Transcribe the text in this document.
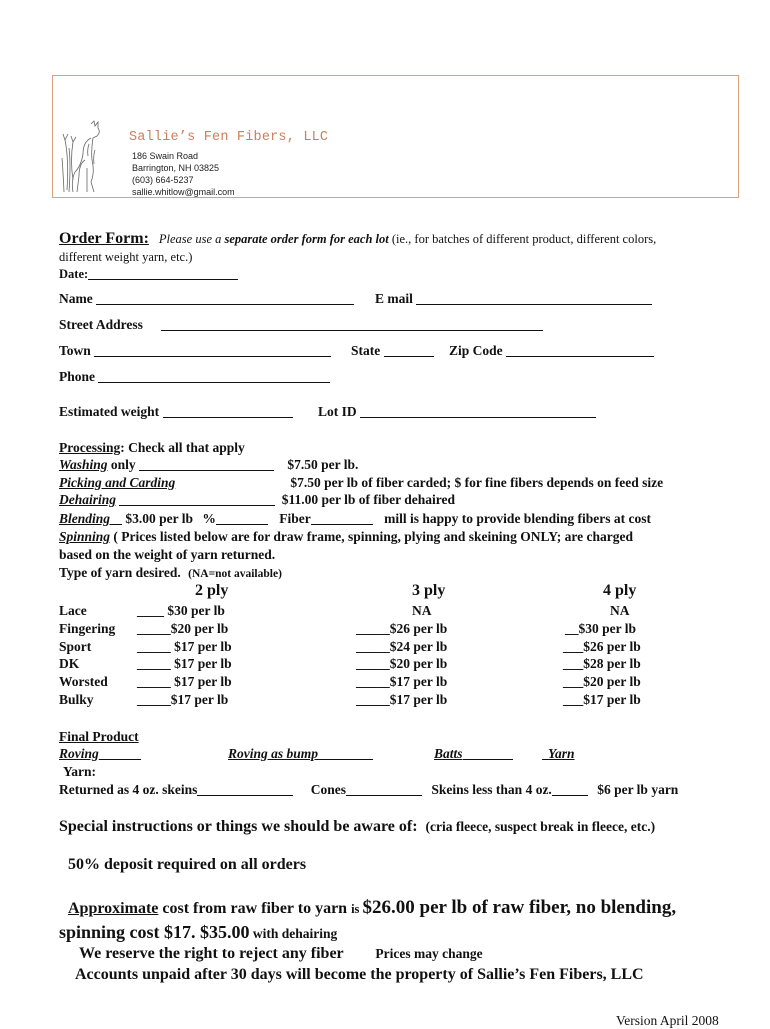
Sallie’s Fen Fibers, LLC
186 Swain Road
Barrington, NH 03825
(603) 664-5237
sallie.whitlow@gmail.com
Order Form: Please use a separate order form for each lot (ie., for batches of different product, different colors,
different weight yarn, etc.)
Date:
Name	E mail
Street Address
Town	State	Zip Code
Phone
Estimated weight	Lot ID
Processing: Check all that apply
Washing only	$7.50 per lb.
Picking and Carding	$7.50 per lb of fiber carded; $ for fine fibers depends on feed size
Dehairing	$11.00 per lb of fiber dehaired
Blending $3.00 per lb %	Fiber	mill is happy to provide blending fibers at cost
Spinning ( Prices listed below are for draw frame, spinning, plying and skeining ONLY; are charged
based on the weight of yarn returned.
Type of yarn desired. (NA=not available)
2 ply	3 ply	4 ply
Lace	____ $30 per lb	NA	NA
Fingering _____$20 per lb	_____$26 per lb	__$30 per lb
Sport	_____ $17 per lb	_____$24 per lb	___$26 per lb
DK	_____ $17 per lb	_____$20 per lb	___$28 per lb
Worsted _____ $17 per lb	_____$17 per lb	___$20 per lb
Bulky	_____$17 per lb	_____$17 per lb	___$17 per lb
Final Product
Roving	Roving as bump	Batts	Yarn
Yarn:
Returned as 4 oz. skeins	Cones	Skeins less than 4 oz.	$6 per lb yarn
Special instructions or things we should be aware of: (cria fleece, suspect break in fleece, etc.)
50% deposit required on all orders
Approximate cost from raw fiber to yarn is $26.00 per lb of raw fiber, no blending,
spinning cost $17. $35.00 with dehairing
We reserve the right to reject any fiber Prices may change
Accounts unpaid after 30 days will become the property of Sallie’s Fen Fibers, LLC
Version April 2008
